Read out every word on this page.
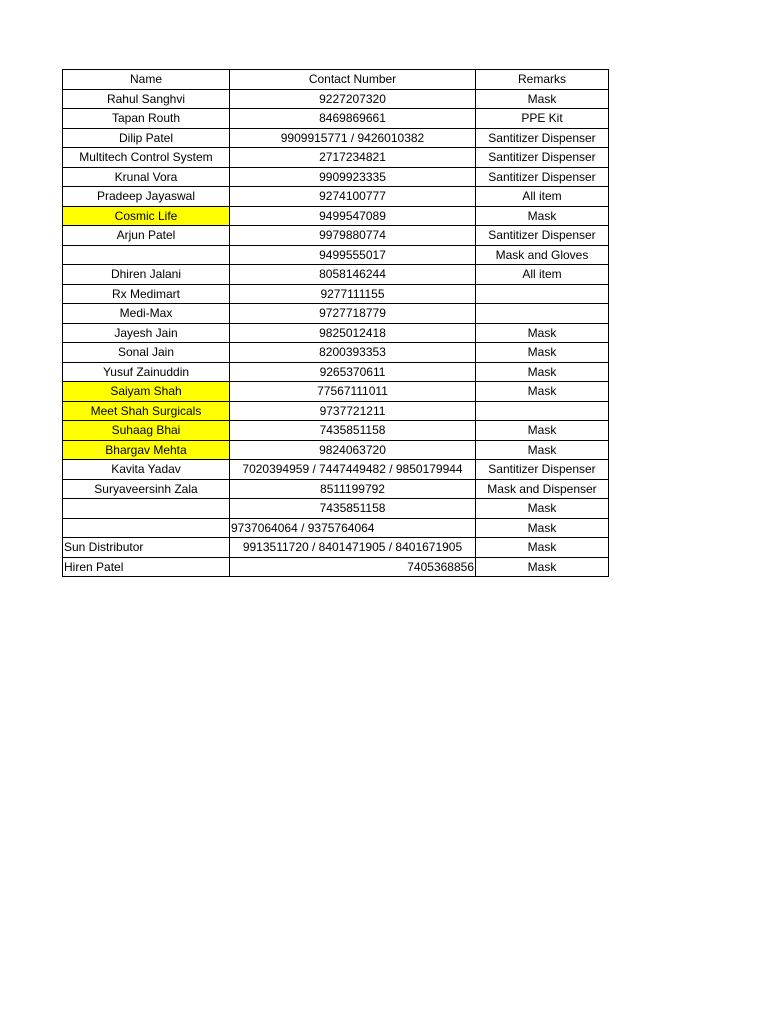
Name	Contact Number	Remarks
Rahul Sanghvi	9227207320	Mask
Tapan Routh	8469869661	PPE Kit
Dilip Patel	9909915771 / 9426010382	Santitizer Dispenser
Multitech Control System	2717234821	Santitizer Dispenser
Krunal Vora	9909923335	Santitizer Dispenser
Pradeep Jayaswal	9274100777	All item
Cosmic Life	9499547089	Mask
Arjun Patel	9979880774	Santitizer Dispenser
	9499555017	Mask and Gloves
Dhiren Jalani	8058146244	All item
Rx Medimart	9277111155	
Medi-Max	9727718779	
Jayesh Jain	9825012418	Mask
Sonal Jain	8200393353	Mask
Yusuf Zainuddin	9265370611	Mask
Saiyam Shah	77567111011	Mask
Meet Shah Surgicals	9737721211	
Suhaag Bhai	7435851158	Mask
Bhargav Mehta	9824063720	Mask
Kavita Yadav	7020394959 / 7447449482 / 9850179944	Santitizer Dispenser
Suryaveersinh Zala	8511199792	Mask and Dispenser
	7435851158	Mask
	9737064064 / 9375764064	Mask
Sun Distributor	9913511720 / 8401471905 / 8401671905	Mask
Hiren Patel	7405368856	Mask
